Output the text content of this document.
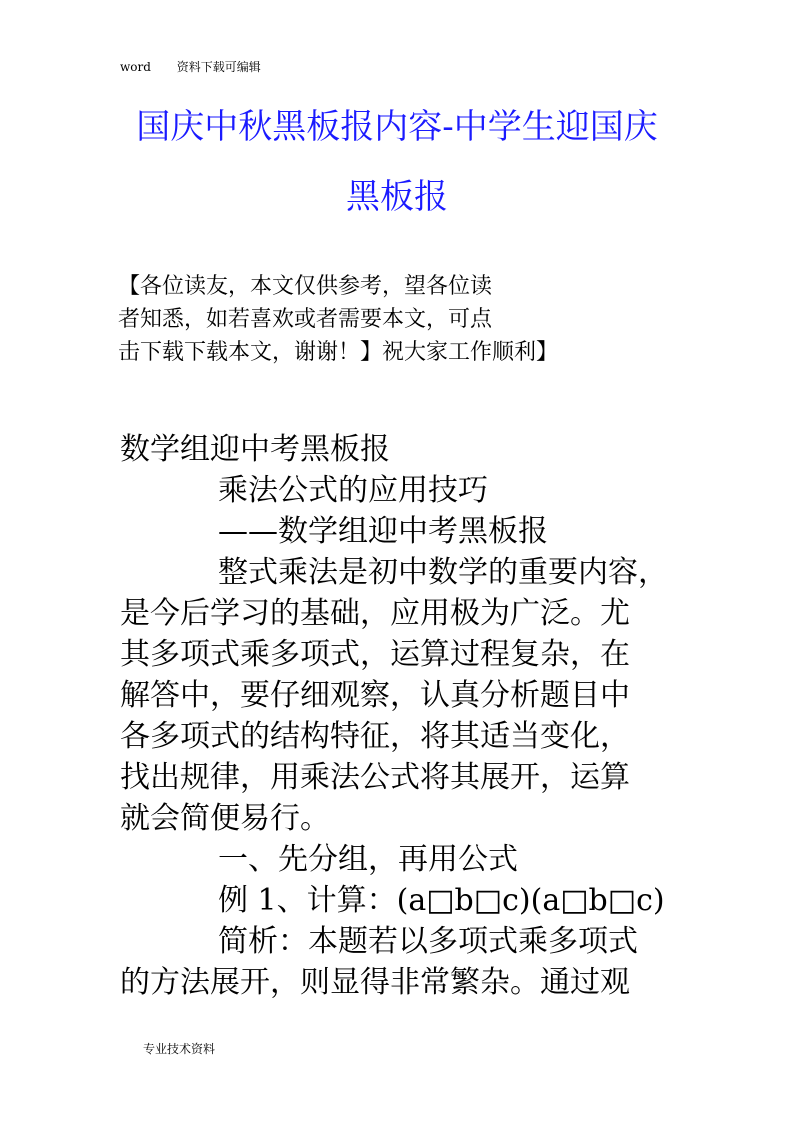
word 资料下载可编辑
国庆中秋黑板报内容-中学生迎国庆
黑板报
【各位读友，本文仅供参考，望各位读
者知悉，如若喜欢或者需要本文，可点
击下载下载本文，谢谢！】祝大家工作顺利】
数学组迎中考黑板报
乘法公式的应用技巧
——数学组迎中考黑板报
整式乘法是初中数学的重要内容，
是今后学习的基础，应用极为广泛。尤
其多项式乘多项式，运算过程复杂，在
解答中，要仔细观察，认真分析题目中
各多项式的结构特征，将其适当变化，
找出规律，用乘法公式将其展开，运算
就会简便易行。
一、先分组，再用公式
例 1、计算：(a□b□c)(a□b□c)
简析：本题若以多项式乘多项式
的方法展开，则显得非常繁杂。通过观
专业技术资料
